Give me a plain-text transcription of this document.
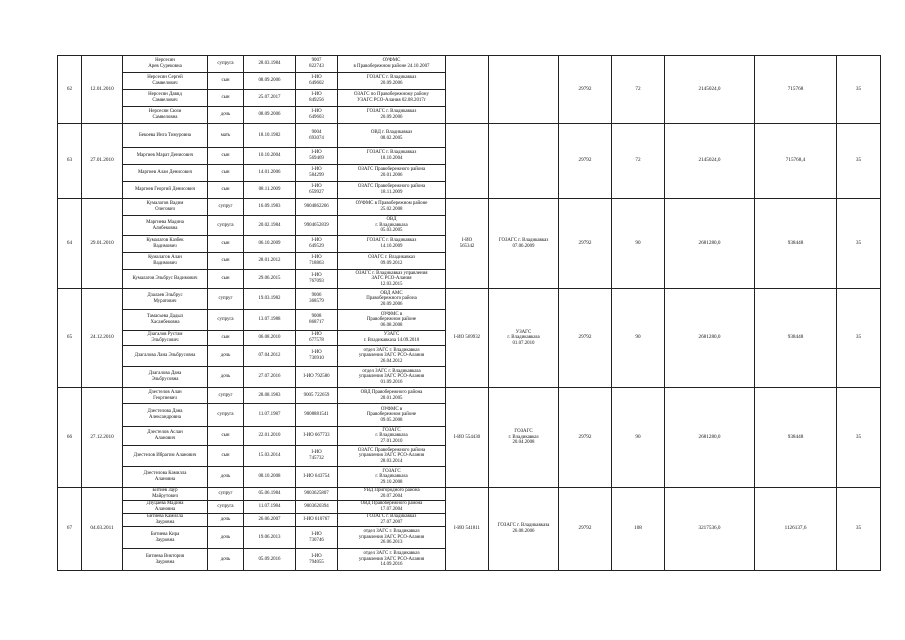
62	12.01.2010	Нерсесян
Арев Сурековна	супруга	28.03.1984	9007
822743	ОУФМС
в Правобережном районе 24.10.2007			29792	72	2145024,0	715768	35
		Нерсесян Сергей
Самвелович	сын	08.09.2006	I-ИО
649602	ГОЗАГС г. Владикавказ
20.09.2006							
		Нерсесян Давид
Самвелович	сын	25.07.2017	I-ИО
849256	ОЗАГС по Правобережному району
УЗАГС РСО-Алания 02.08.2017г							
		Нерсесян Сюзи
Самвеловна	дочь	08.09.2006	I-ИО
649603	ГОЗАГС г. Владикавказ
20.09.2006							
63	27.01.2010	Бекоева Инга Тимуровна	мать	18.10.1982	9004
693074	ОВД г. Владикавказ
08.02.2005			29792	72	2145024,0	715768,4	35
		Маргиев Марат Денисович	сын	10.10.2004	I-ИО
569469	ГОЗАГС г. Владикавказ
18.10.2004							
		Маргиев Алан Денисович	сын	14.01.2006	I-ИО
584299	ОЗАГС Правобережного района
20.01.2006							
		Маргиев Георгий Денисович	сын	08.11.2009	I-ИО
659927	ОЗАГС Правобережного района
18.11.2009							
64	29.01.2010	Кумалагов Вадим
Олегович	супруг	16.09.1983	9004862266	ОУФМС в Правобережном районе
25.02.2008	I-ИО
565342	ГОЗАГС г. Владикавказ
07.06.2009	29792	90	2681280,0	938448	35
		Маргиева Мадина
Алибековна	супруга	20.02.1984	9904652839	ОВД
г. Владикавказа
05.03.2005							
		Кумалагов Казбек
Вадимович	сын	06.10.2009	I-ИО
649529	ГОЗАГС г. Владикавказ
14.10.2009							
		Кумалагов Алан
Вадимович	сын	28.01.2012	I-ИО
718863	ОЗАГС г. Владикавказ
09.09.2012							
		Кумалагов Эльбрус Вадимович	сын	29.06.2015	I-ИО
767093	ОЗАГС г. Владикавказ управления
ЗАГС РСО-Алания
12.03.2015							
65	24.12.2010	Дзалаев Эльбрус
Муратович	супруг	19.03.1982	9006
368579	ОВД АМС
Правобережного района
20.09.2006	I-ИО 569932	УЗАГС
г. Владикавказа
01.07.2010	29792	90	2681280,0	938448	35
		Тамасьева Дадыл
Хасанбековна	супруга	13.07.1988	9008
868717	ОУФМС в
Правобережном районе
06.08.2008							
		Дзагалов Рустам
Эльбрусович	сын	06.08.2010	I-ИО
677578	УЗАГС
г. Владикавказа 14.09.2010							
		Дзагалова Лана Эльбрусовна	дочь	07.04.2012	I-ИО
736910	отдел ЗАГС г. Владикавказ
управления ЗАГС РСО-Алания
26.04.2012							
		Дзагалова Дана
Эльбрусовна	дочь	27.07.2016	I-ИО 792580	отдел ЗАГС г. Владикавказа
управления ЗАГС РСО-Алания
01.09.2016							
66	27.12.2010	Дзестелов Алан
Георгиевич	супруг	28.08.1983	9005 722659	ОВД Правобережного района
28.01.2005	I-ИО 554430	ГОЗАГС
г. Владикавказ
20.04.2008	29792	90	2681280,0	938448	35
		Дзестелова Дана
Александровна	супруга	11.07.1987	9008881541	ОУФМС в
Правобережном районе
09.05.2008							
		Дзестелов Аслан
Аланович	сын	22.01.2010	I-ИО 667733	ГОЗАГС
г. Владикавказа
27.01.2010							
		Дзестелов Ибрагим Аланович	сын	15.03.2014	I-ИО
745732	ОЗАГС Правобережного района
управления ЗАГС РСО-Алания
28.03.2014							
		Дзестелова Камилла
Алановна	дочь	08.10.2008	I-ИО 643754	ГОЗАГС
г. Владикавказа
29.10.2008							
67	04.03.2011	Битиев Заур
Майрутович	супруг	05.06.1984	9003625807	УВД Пригородного района
20.07.2004	I-ИО 541811	ГОЗАГС г. Владикавказа
26.08.2006	29792	108	3217536,0	1126137,6	35
		Дзуцаева Мадина
Алановна	супруга	11.07.1984	9003620394	ОВД Правобережного района
17.07.2004							
		Битиева Камилла
Зауровна	дочь	26.06.2007	I-ИО 610767	ГОЗАГС г. Владикавказ
27.07.2007							
		Битиева Кира
Зауровна	дочь	19.06.2013	I-ИО
730746	отдел ЗАГС г. Владикавказ
управления ЗАГС РСО-Алания
26.06.2013							
		Битиева Виктория
Зауровна	дочь	05.09.2016	I-ИО
794055	отдел ЗАГС г. Владикавказ
управления ЗАГС РСО-Алания
14.09.2016							
